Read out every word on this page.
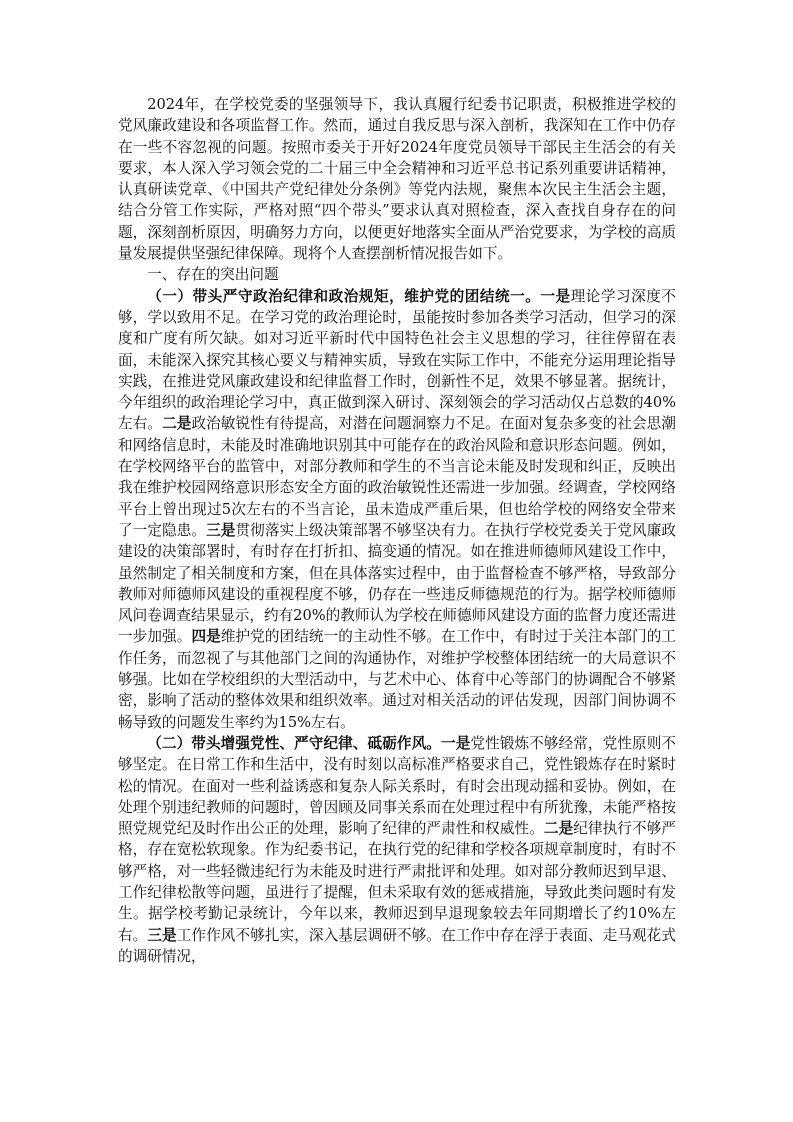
2024年，在学校党委的坚强领导下，我认真履行纪委书记职责，积极推进学校的党风廉政建设和各项监督工作。然而，通过自我反思与深入剖析，我深知在工作中仍存在一些不容忽视的问题。按照市委关于开好2024年度党员领导干部民主生活会的有关要求，本人深入学习领会党的二十届三中全会精神和习近平总书记系列重要讲话精神，认真研读党章、《中国共产党纪律处分条例》等党内法规，聚焦本次民主生活会主题，结合分管工作实际，严格对照“四个带头”要求认真对照检查，深入查找自身存在的问题，深刻剖析原因，明确努力方向，以便更好地落实全面从严治党要求，为学校的高质量发展提供坚强纪律保障。现将个人查摆剖析情况报告如下。

一、存在的突出问题

（一）带头严守政治纪律和政治规矩，维护党的团结统一。一是理论学习深度不够，学以致用不足。在学习党的政治理论时，虽能按时参加各类学习活动，但学习的深度和广度有所欠缺。如对习近平新时代中国特色社会主义思想的学习，往往停留在表面，未能深入探究其核心要义与精神实质，导致在实际工作中，不能充分运用理论指导实践，在推进党风廉政建设和纪律监督工作时，创新性不足，效果不够显著。据统计，今年组织的政治理论学习中，真正做到深入研讨、深刻领会的学习活动仅占总数的40%左右。二是政治敏锐性有待提高，对潜在问题洞察力不足。在面对复杂多变的社会思潮和网络信息时，未能及时准确地识别其中可能存在的政治风险和意识形态问题。例如，在学校网络平台的监管中，对部分教师和学生的不当言论未能及时发现和纠正，反映出我在维护校园网络意识形态安全方面的政治敏锐性还需进一步加强。经调查，学校网络平台上曾出现过5次左右的不当言论，虽未造成严重后果，但也给学校的网络安全带来了一定隐患。三是贯彻落实上级决策部署不够坚决有力。在执行学校党委关于党风廉政建设的决策部署时，有时存在打折扣、搞变通的情况。如在推进师德师风建设工作中，虽然制定了相关制度和方案，但在具体落实过程中，由于监督检查不够严格，导致部分教师对师德师风建设的重视程度不够，仍存在一些违反师德规范的行为。据学校师德师风问卷调查结果显示，约有20%的教师认为学校在师德师风建设方面的监督力度还需进一步加强。四是维护党的团结统一的主动性不够。在工作中，有时过于关注本部门的工作任务，而忽视了与其他部门之间的沟通协作，对维护学校整体团结统一的大局意识不够强。比如在学校组织的大型活动中，与艺术中心、体育中心等部门的协调配合不够紧密，影响了活动的整体效果和组织效率。通过对相关活动的评估发现，因部门间协调不畅导致的问题发生率约为15%左右。

（二）带头增强党性、严守纪律、砥砺作风。一是党性锻炼不够经常，党性原则不够坚定。在日常工作和生活中，没有时刻以高标准严格要求自己，党性锻炼存在时紧时松的情况。在面对一些利益诱惑和复杂人际关系时，有时会出现动摇和妥协。例如，在处理个别违纪教师的问题时，曾因顾及同事关系而在处理过程中有所犹豫，未能严格按照党规党纪及时作出公正的处理，影响了纪律的严肃性和权威性。二是纪律执行不够严格，存在宽松软现象。作为纪委书记，在执行党的纪律和学校各项规章制度时，有时不够严格，对一些轻微违纪行为未能及时进行严肃批评和处理。如对部分教师迟到早退、工作纪律松散等问题，虽进行了提醒，但未采取有效的惩戒措施，导致此类问题时有发生。据学校考勤记录统计，今年以来，教师迟到早退现象较去年同期增长了约10%左右。三是工作作风不够扎实，深入基层调研不够。在工作中存在浮于表面、走马观花式的调研情况，
